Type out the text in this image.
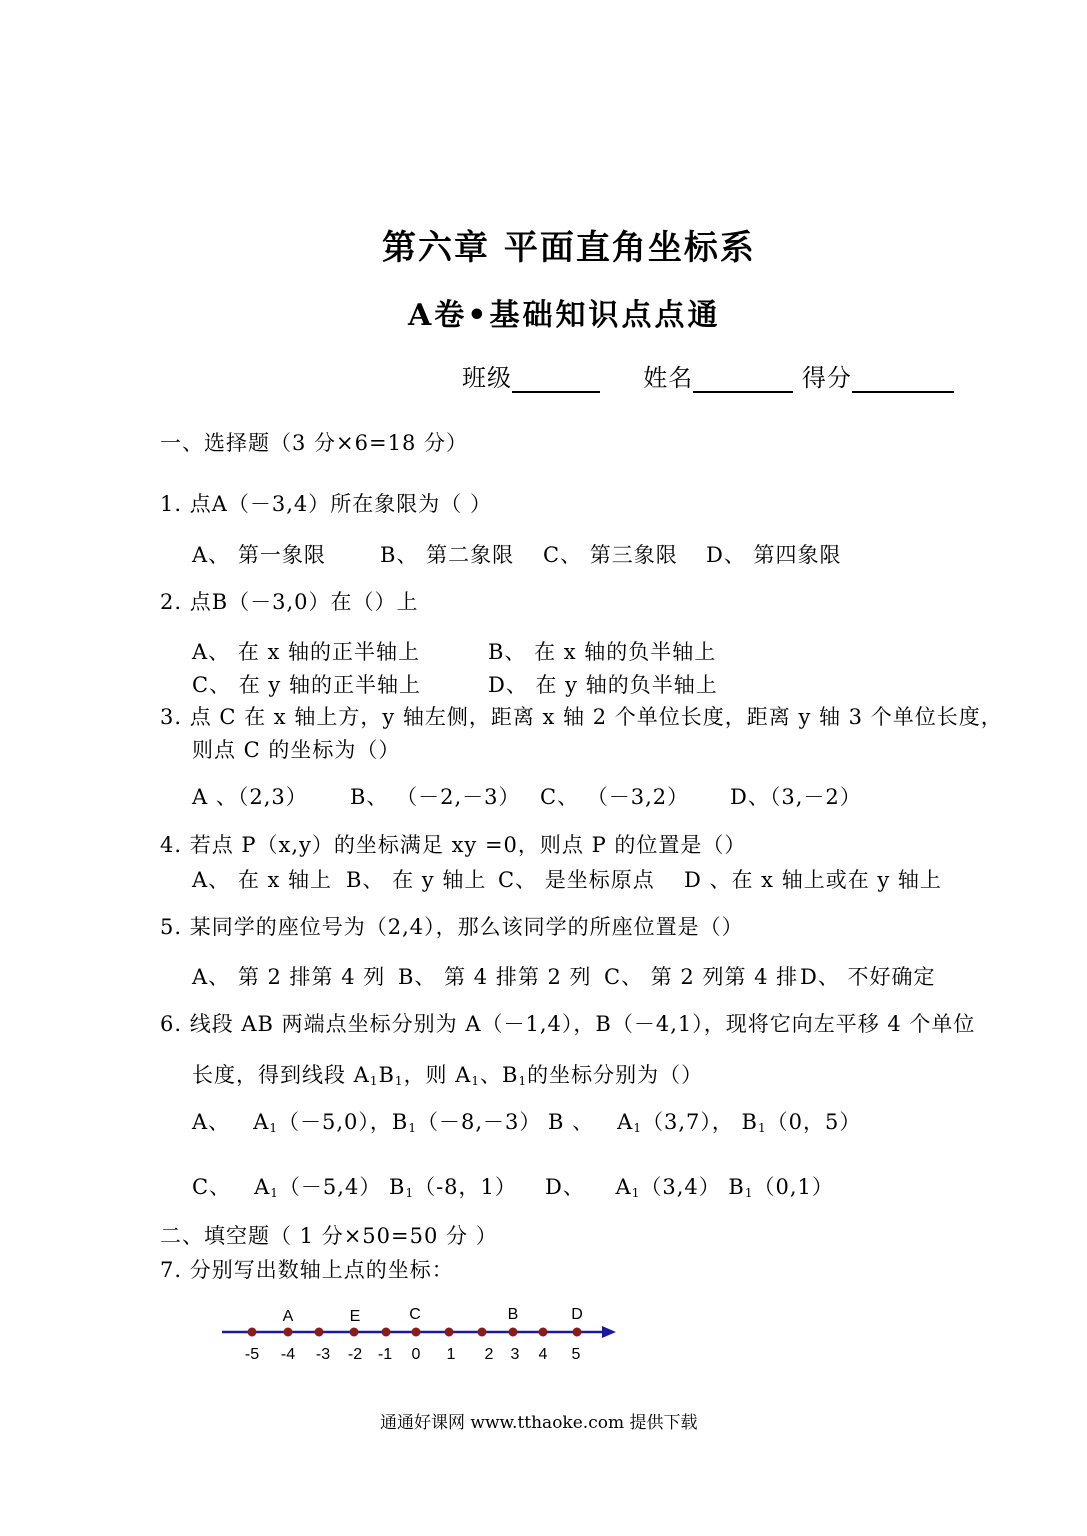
第六章 平面直角坐标系
A卷•基础知识点点通
班级	姓名	得分
一、选择题（3 分×6=18 分）
1. 点A（－3,4）所在象限为（ ）
A、 第一象限	B、 第二象限 C、 第三象限 D、 第四象限
2. 点B（－3,0）在（）上
A、 在 x 轴的正半轴上	B、 在 x 轴的负半轴上
C、 在 y 轴的正半轴上	D、 在 y 轴的负半轴上
3. 点 C 在 x 轴上方，y 轴左侧，距离 x 轴 2 个单位长度，距离 y 轴 3 个单位长度，
则点 C 的坐标为（）
A 、（2,3） B、 （－2,－3） C、 （－3,2） D、（3,－2）
4. 若点 P（x,y）的坐标满足 xy =0，则点 P 的位置是（）
A、 在 x 轴上 B、 在 y 轴上 C、 是坐标原点 D 、在 x 轴上或在 y 轴上
5. 某同学的座位号为（2,4），那么该同学的所座位置是（）
A、 第 2 排第 4 列 B、 第 4 排第 2 列 C、 第 2 列第 4 排 D、 不好确定
6. 线段 AB 两端点坐标分别为 A（－1,4），B（－4,1），现将它向左平移 4 个单位
长度，得到线段 $A_1B_1$，则 $A_1$、$B_1$的坐标分别为（）
A、 $A_1(-5,0)$，$B_1(-8,-3)$ B 、 $A_1(3,7)$， $B_1(0$，5）
C、 $A_1(-5,4)$ $B_1(-8$，1） D、 $A_1(3,4)$ $B_1(0,1)$
二、填空题（ 1 分×50=50 分 ）
7. 分别写出数轴上点的坐标：
-5 -4 -3 -2 -1 0 1 2 3 4 5
A	E	C	B	D
通通好课网 www.tthaoke.com 提供下载
